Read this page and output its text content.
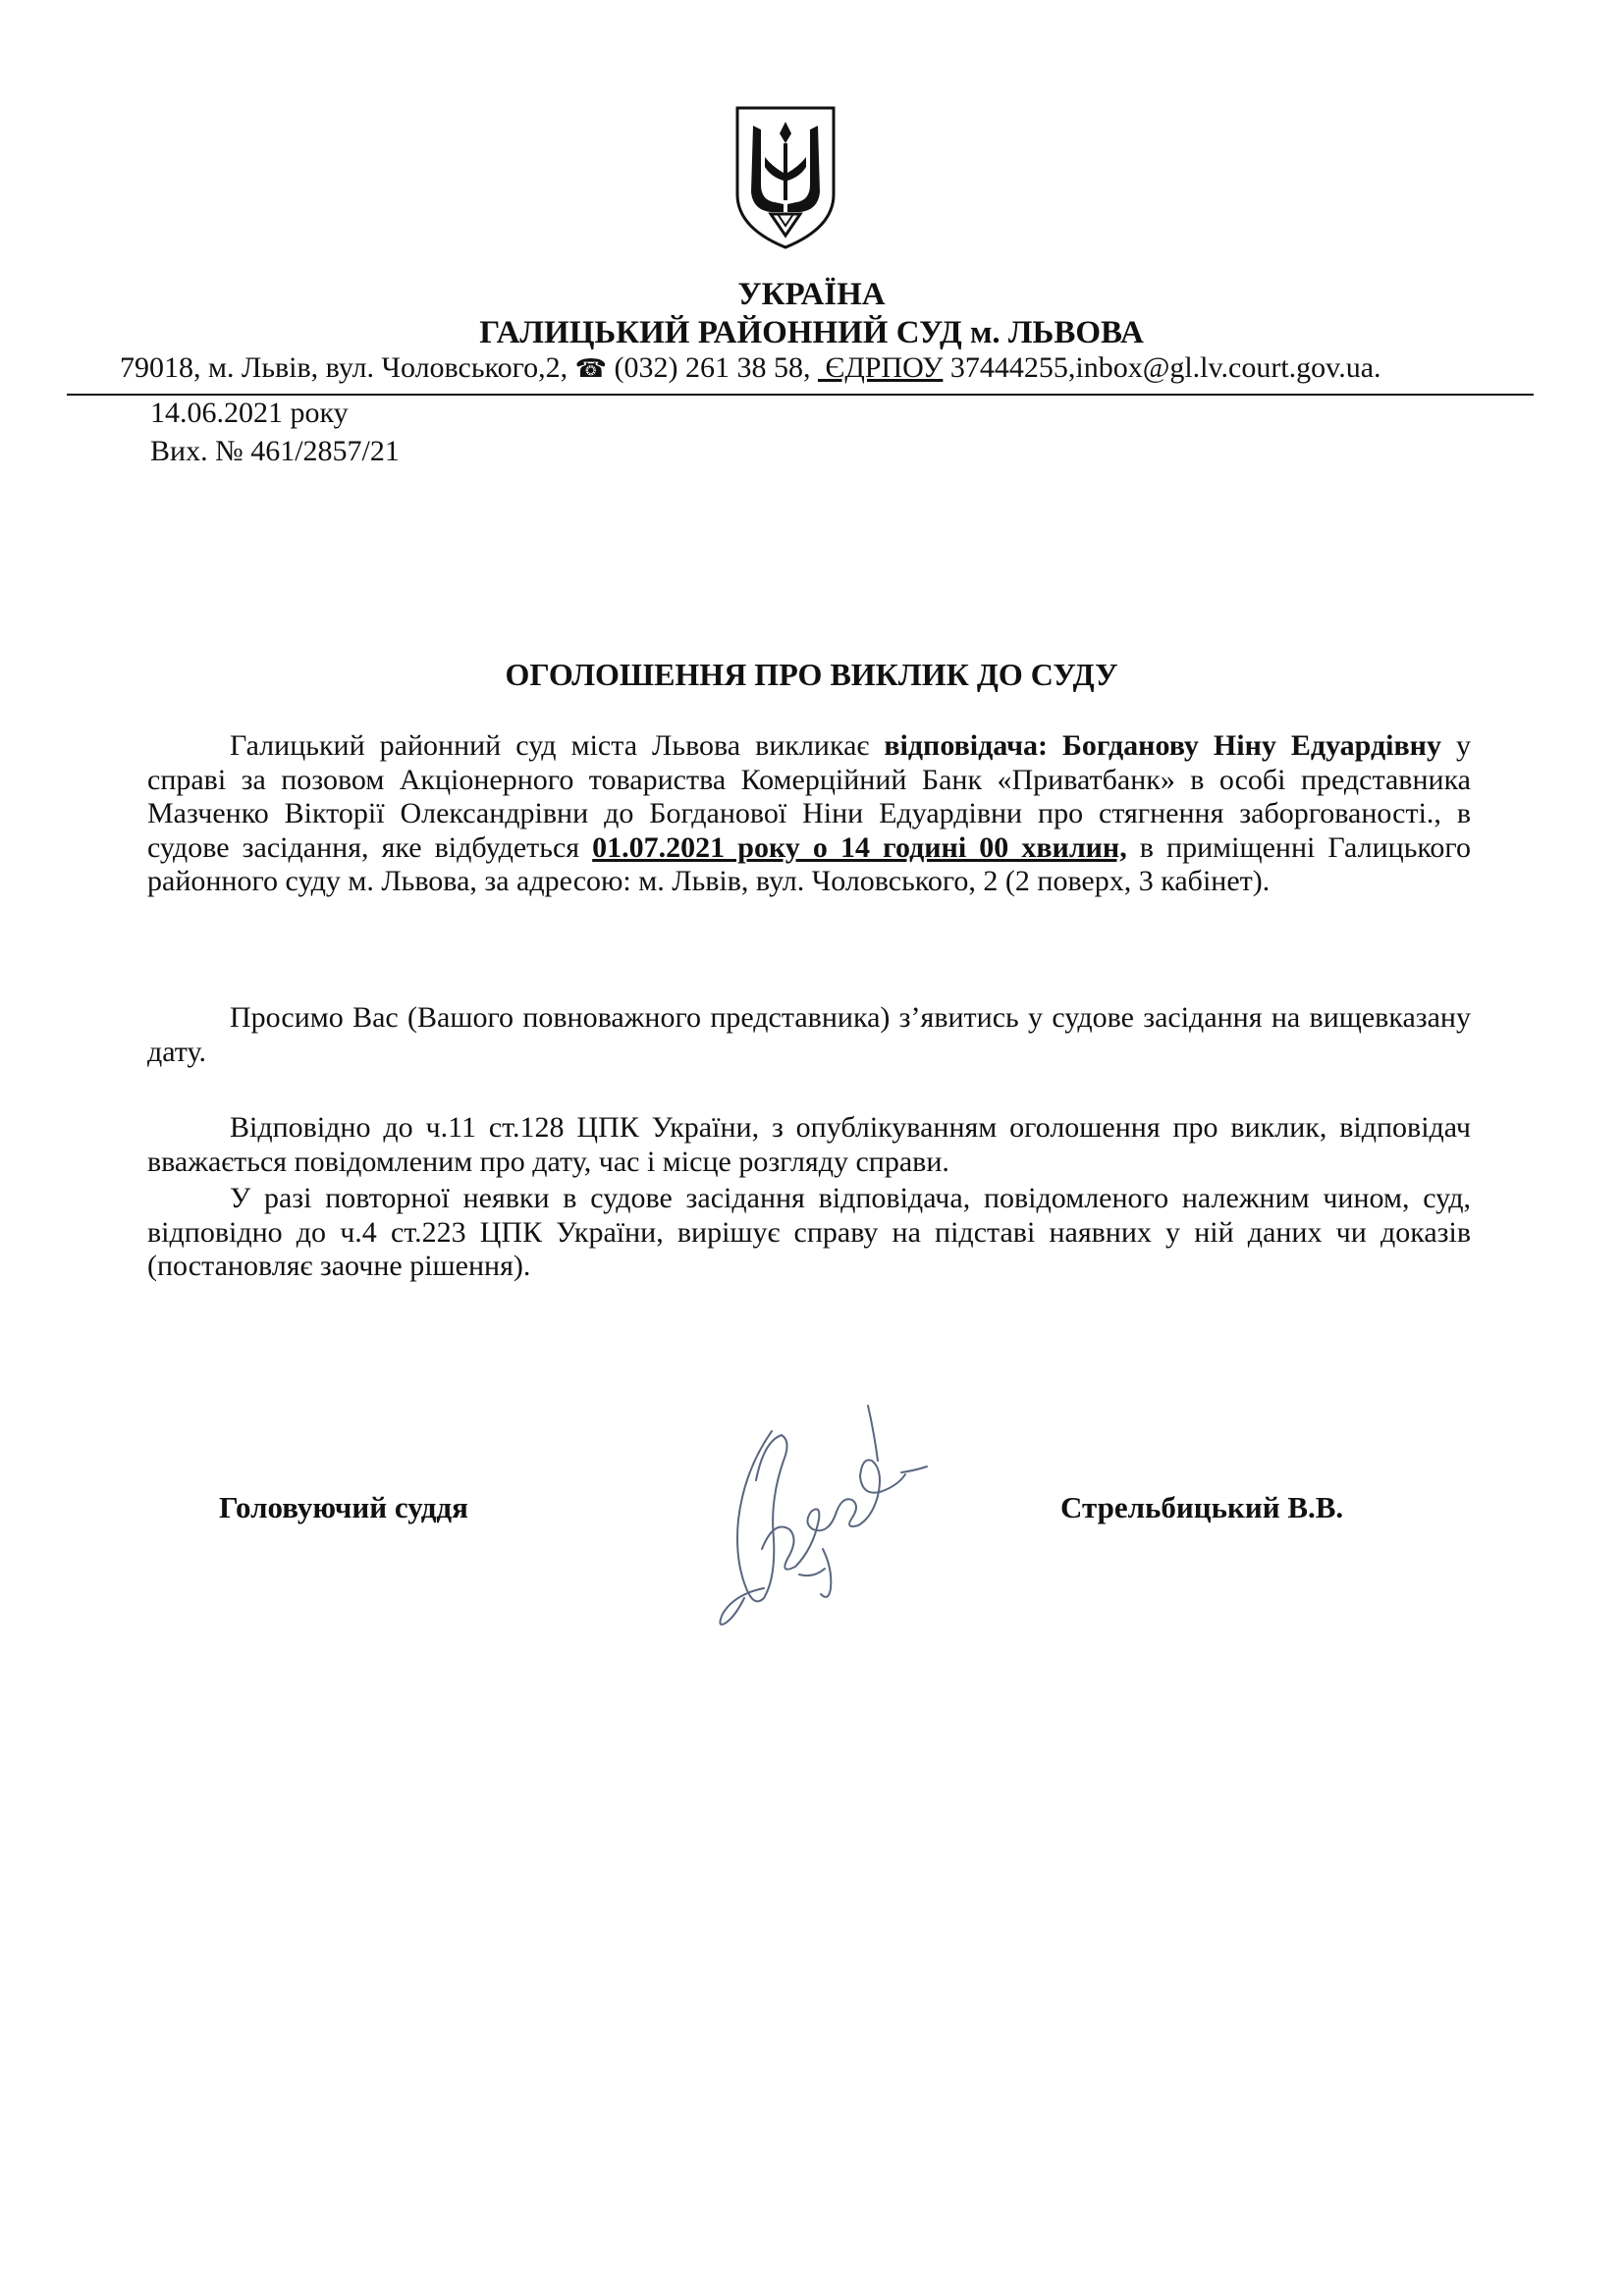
УКРАЇНА
ГАЛИЦЬКИЙ РАЙОННИЙ СУД м. ЛЬВОВА
79018, м. Львів, вул. Чоловського,2, ☎ (032) 261 38 58, ЄДРПОУ 37444255,inbox@gl.lv.court.gov.ua.
14.06.2021 року
Вих. № 461/2857/21
ОГОЛОШЕННЯ ПРО ВИКЛИК ДО СУДУ

Галицький районний суд міста Львова викликає відповідача: Богданову Ніну Едуардівну у справі за позовом Акціонерного товариства Комерційний Банк «Приватбанк» в особі представника Мазченко Вікторії Олександрівни до Богданової Ніни Едуардівни про стягнення заборгованості., в судове засідання, яке відбудеться 01.07.2021 року о 14 годині 00 хвилин, в приміщенні Галицького районного суду м. Львова, за адресою: м. Львів, вул. Чоловського, 2 (2 поверх, 3 кабінет).

Просимо Вас (Вашого повноважного представника) з’явитись у судове засідання на вищевказану дату.

Відповідно до ч.11 ст.128 ЦПК України, з опублікуванням оголошення про виклик, відповідач вважається повідомленим про дату, час і місце розгляду справи.

У разі повторної неявки в судове засідання відповідача, повідомленого належним чином, суд, відповідно до ч.4 ст.223 ЦПК України, вирішує справу на підставі наявних у ній даних чи доказів (постановляє заочне рішення).

Головуючий суддя	Стрельбицький В.В.
